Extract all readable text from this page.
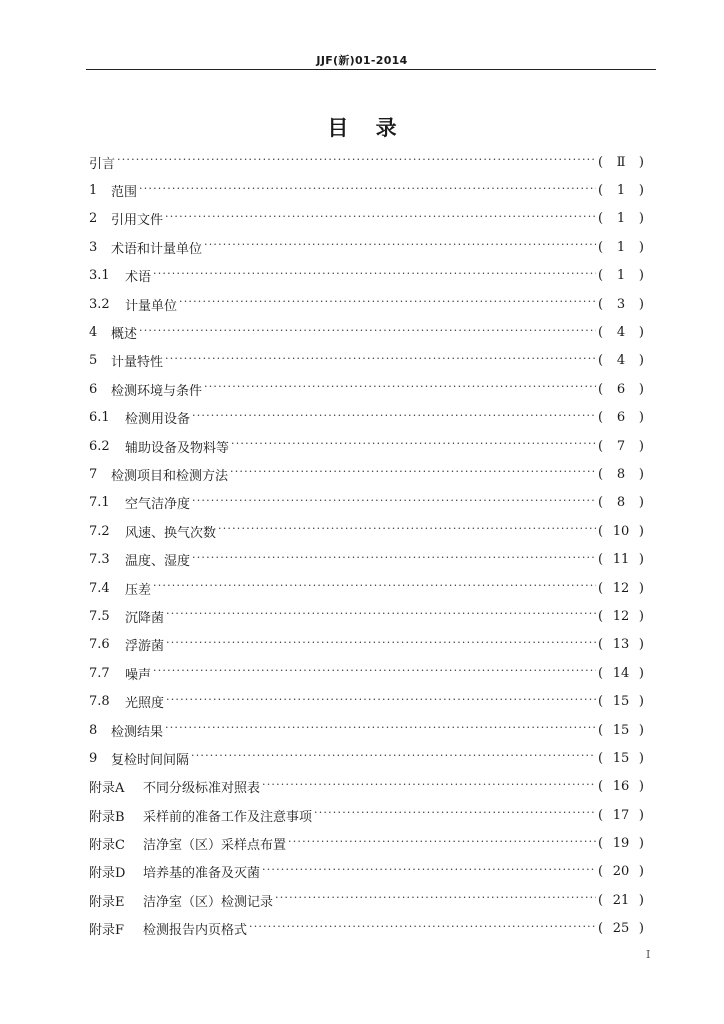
JJF(新)01-2014
目 录
引言 ·····	(	Ⅱ	)
1	范围 ·····	(	1	)
2	引用文件 ·····	(	1	)
3	术语和计量单位 ·····	(	1	)
3.1	术语 ·····	(	1	)
3.2	计量单位 ·····	(	3	)
4	概述 ·····	(	4	)
5	计量特性 ·····	(	4	)
6	检测环境与条件 ·····	(	6	)
6.1	检测用设备 ·····	(	6	)
6.2	辅助设备及物料等 ·····	(	7	)
7	检测项目和检测方法 ·····	(	8	)
7.1	空气洁净度 ·····	(	8	)
7.2	风速、换气次数 ·····	( 10 )
7.3	温度、湿度 ·····	( 11 )
7.4	压差 ·····	( 12 )
7.5	沉降菌 ·····	( 12 )
7.6	浮游菌 ·····	( 13 )
7.7	噪声 ·····	( 14 )
7.8	光照度 ·····	( 15 )
8	检测结果 ·····	( 15 )
9	复检时间间隔 ·····	( 15 )
附录A	不同分级标准对照表 ·····	( 16 )
附录B	采样前的准备工作及注意事项 ·····	( 17 )
附录C	洁净室（区）采样点布置 ·····	( 19 )
附录D	培养基的准备及灭菌 ·····	( 20 )
附录E	洁净室（区）检测记录 ·····	( 21 )
附录F	检测报告内页格式 ·····	( 25 )
I
